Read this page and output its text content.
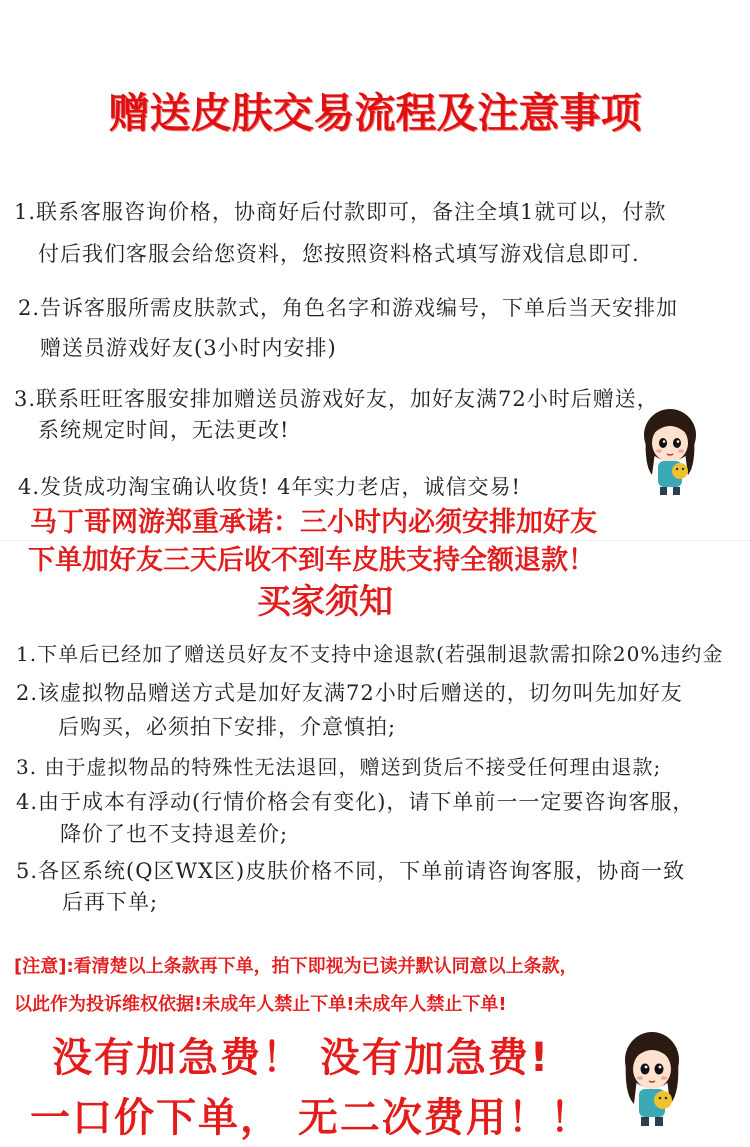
赠送皮肤交易流程及注意事项
1.联系客服咨询价格，协商好后付款即可，备注全填1就可以，付款
付后我们客服会给您资料，您按照资料格式填写游戏信息即可.
2.告诉客服所需皮肤款式，角色名字和游戏编号，下单后当天安排加
赠送员游戏好友(3小时内安排)
3.联系旺旺客服安排加赠送员游戏好友，加好友满72小时后赠送，
系统规定时间，无法更改!
4.发货成功淘宝确认收货! 4年实力老店，诚信交易!
马丁哥网游郑重承诺：三小时内必须安排加好友
下单加好友三天后收不到车皮肤支持全额退款！
买家须知
1.下单后已经加了赠送员好友不支持中途退款(若强制退款需扣除20%违约金
2.该虚拟物品赠送方式是加好友满72小时后赠送的，切勿叫先加好友
后购买，必须拍下安排，介意慎拍;
3. 由于虚拟物品的特殊性无法退回，赠送到货后不接受任何理由退款;
4.由于成本有浮动(行情价格会有变化)，请下单前一一定要咨询客服，
降价了也不支持退差价;
5.各区系统(Q区WX区)皮肤价格不同，下单前请咨询客服，协商一致
后再下单;
[注意]:看清楚以上条款再下单，拍下即视为已读并默认同意以上条款，
以此作为投诉维权依据!未成年人禁止下单!未成年人禁止下单!
没有加急费！ 没有加急费!
一口价下单， 无二次费用！！
